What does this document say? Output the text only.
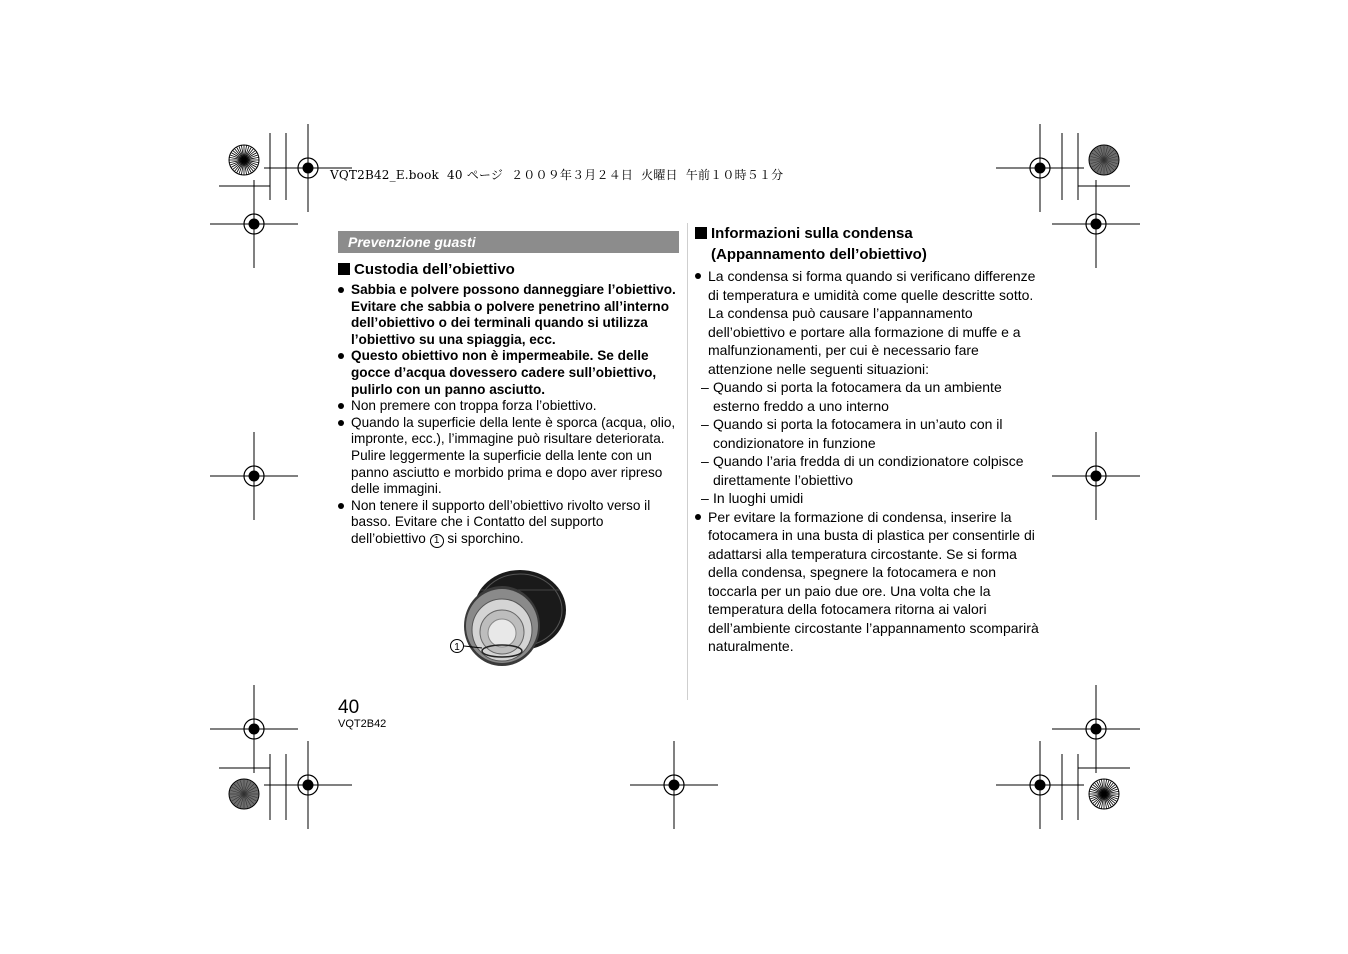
VQT2B42_E.book  40 ページ  ２００９年３月２４日  火曜日  午前１０時５１分
Prevenzione guasti
Custodia dell’obiettivo
Sabbia e polvere possono danneggiare l’obiettivo. Evitare che sabbia o polvere penetrino all’interno dell’obiettivo o dei terminali quando si utilizza l’obiettivo su una spiaggia, ecc.
Questo obiettivo non è impermeabile. Se delle gocce d’acqua dovessero cadere sull’obiettivo, pulirlo con un panno asciutto.
Non premere con troppa forza l’obiettivo.
Quando la superficie della lente è sporca (acqua, olio, impronte, ecc.), l’immagine può risultare deteriorata. Pulire leggermente la superficie della lente con un panno asciutto e morbido prima e dopo aver ripreso delle immagini.
Non tenere il supporto dell’obiettivo rivolto verso il basso. Evitare che i Contatto del supporto dell’obiettivo 1 si sporchino.
1
Informazioni sulla condensa
(Appannamento dell’obiettivo)
La condensa si forma quando si verificano differenze di temperatura e umidità come quelle descritte sotto. La condensa può causare l’appannamento dell’obiettivo e portare alla formazione di muffe e a malfunzionamenti, per cui è necessario fare attenzione nelle seguenti situazioni:
– Quando si porta la fotocamera da un ambiente esterno freddo a uno interno
– Quando si porta la fotocamera in un’auto con il condizionatore in funzione
– Quando l’aria fredda di un condizionatore colpisce direttamente l’obiettivo
– In luoghi umidi
Per evitare la formazione di condensa, inserire la fotocamera in una busta di plastica per consentirle di adattarsi alla temperatura circostante. Se si forma della condensa, spegnere la fotocamera e non toccarla per un paio due ore. Una volta che la temperatura della fotocamera ritorna ai valori dell’ambiente circostante l’appannamento scomparirà naturalmente.
40
VQT2B42
